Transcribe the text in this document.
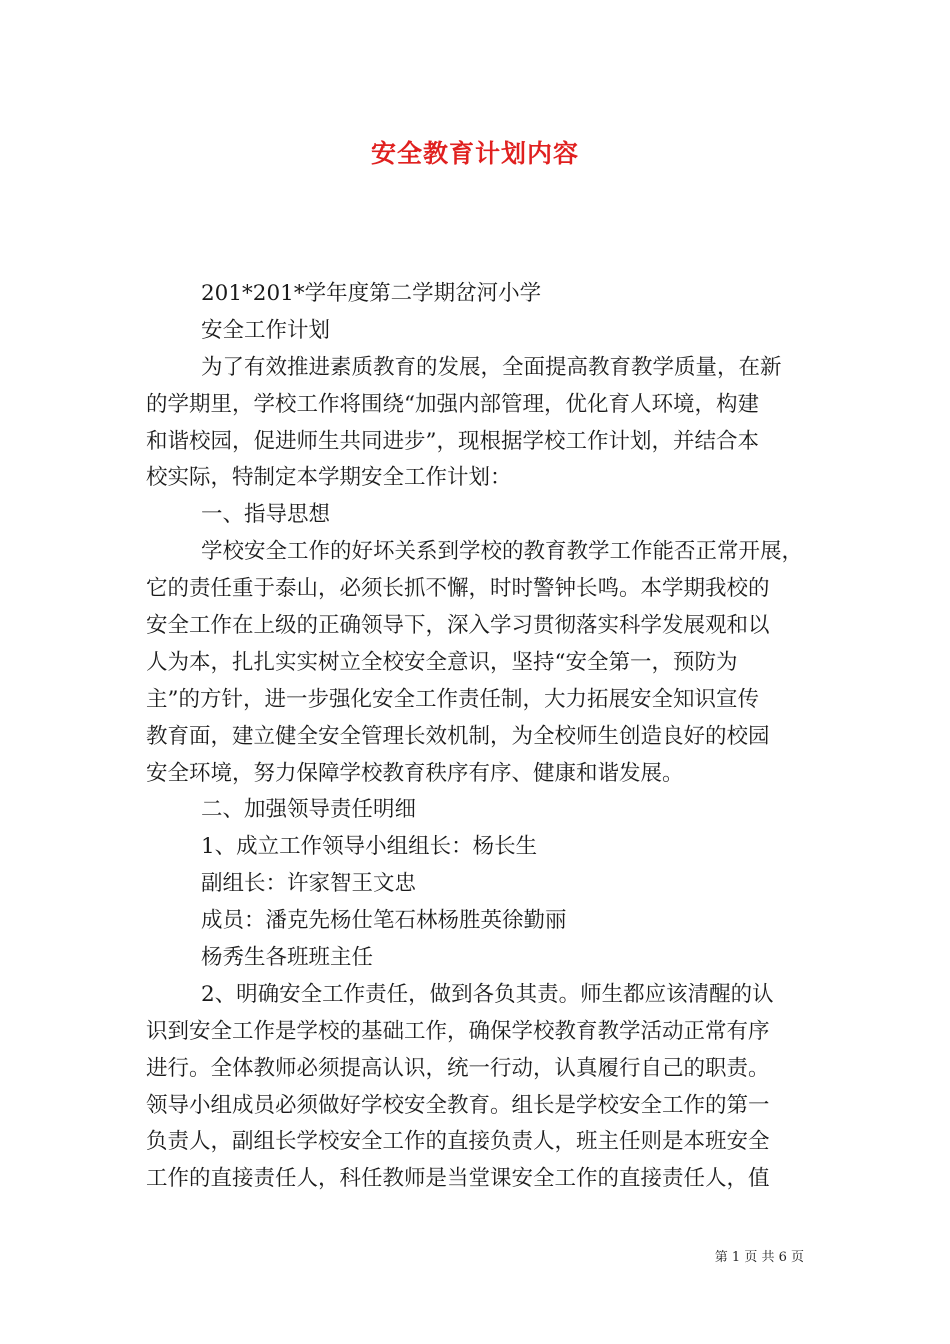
安全教育计划内容
201*201*学年度第二学期岔河小学
安全工作计划
为了有效推进素质教育的发展，全面提高教育教学质量，在新
的学期里，学校工作将围绕“加强内部管理，优化育人环境，构建
和谐校园，促进师生共同进步”，现根据学校工作计划，并结合本
校实际，特制定本学期安全工作计划：
一、指导思想
学校安全工作的好坏关系到学校的教育教学工作能否正常开展，
它的责任重于泰山，必须长抓不懈，时时警钟长鸣。本学期我校的
安全工作在上级的正确领导下，深入学习贯彻落实科学发展观和以
人为本，扎扎实实树立全校安全意识，坚持“安全第一，预防为
主”的方针，进一步强化安全工作责任制，大力拓展安全知识宣传
教育面，建立健全安全管理长效机制，为全校师生创造良好的校园
安全环境，努力保障学校教育秩序有序、健康和谐发展。
二、加强领导责任明细
1、成立工作领导小组组长：杨长生
副组长：许家智王文忠
成员：潘克先杨仕笔石林杨胜英徐勤丽
杨秀生各班班主任
2、明确安全工作责任，做到各负其责。师生都应该清醒的认
识到安全工作是学校的基础工作，确保学校教育教学活动正常有序
进行。全体教师必须提高认识，统一行动，认真履行自己的职责。
领导小组成员必须做好学校安全教育。组长是学校安全工作的第一
负责人，副组长学校安全工作的直接负责人，班主任则是本班安全
工作的直接责任人，科任教师是当堂课安全工作的直接责任人，值
第 1 页 共 6 页
